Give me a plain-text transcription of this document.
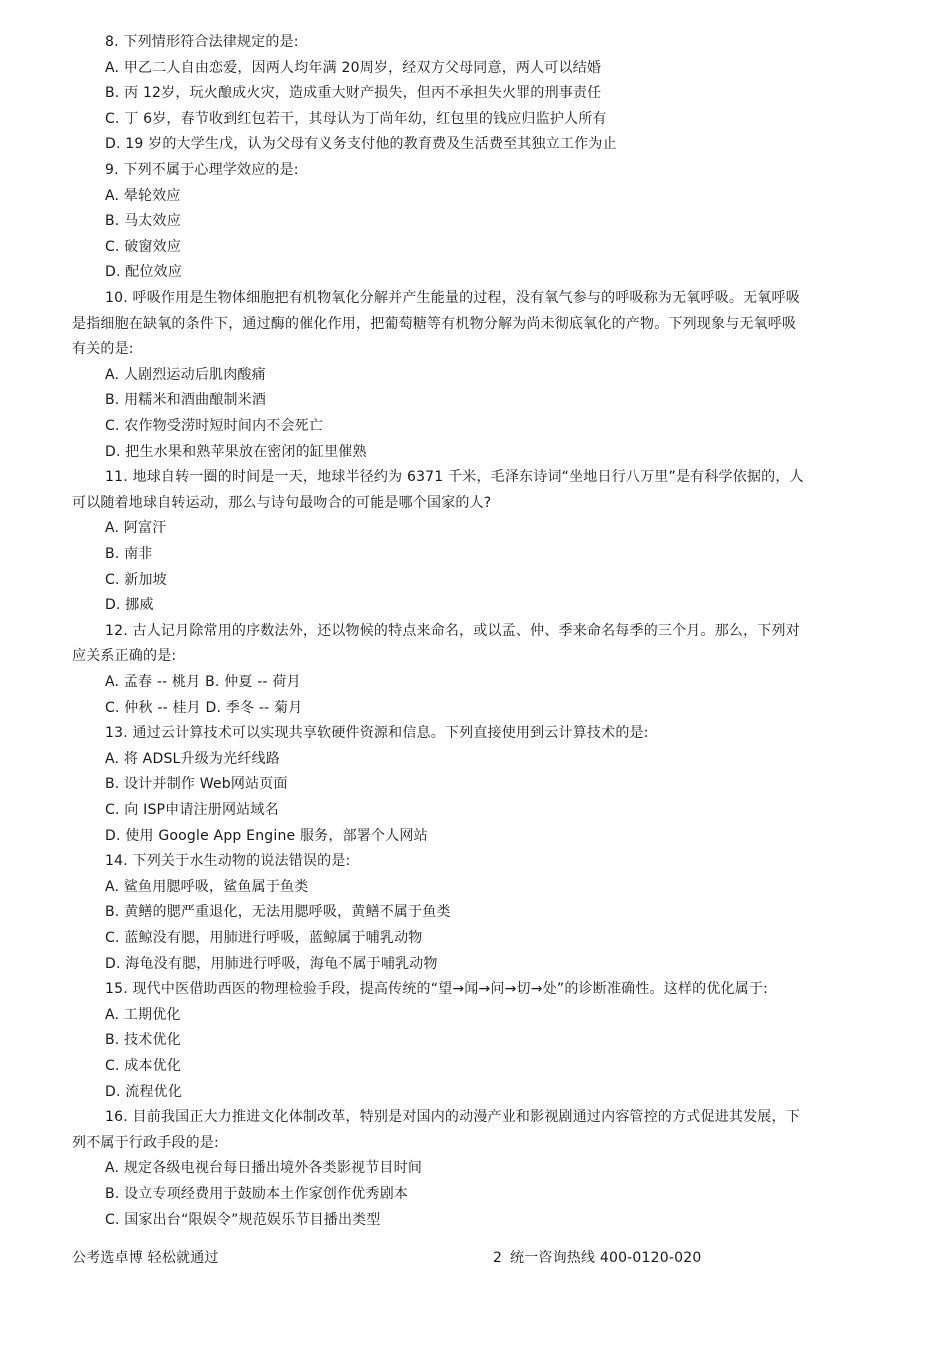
8. 下列情形符合法律规定的是:
A. 甲乙二人自由恋爱，因两人均年满 20周岁，经双方父母同意，两人可以结婚
B. 丙 12岁，玩火酿成火灾，造成重大财产损失，但丙不承担失火罪的刑事责任
C. 丁 6岁，春节收到红包若干，其母认为丁尚年幼，红包里的钱应归监护人所有
D. 19 岁的大学生戊，认为父母有义务支付他的教育费及生活费至其独立工作为止
9. 下列不属于心理学效应的是:
A. 晕轮效应
B. 马太效应
C. 破窗效应
D. 配位效应
10. 呼吸作用是生物体细胞把有机物氧化分解并产生能量的过程，没有氧气参与的呼吸称为无氧呼吸。无氧呼吸
是指细胞在缺氧的条件下，通过酶的催化作用，把葡萄糖等有机物分解为尚未彻底氧化的产物。下列现象与无氧呼吸
有关的是:
A. 人剧烈运动后肌肉酸痛
B. 用糯米和酒曲酿制米酒
C. 农作物受涝时短时间内不会死亡
D. 把生水果和熟苹果放在密闭的缸里催熟
11. 地球自转一圈的时间是一天，地球半径约为 6371 千米，毛泽东诗词“坐地日行八万里”是有科学依据的，人
可以随着地球自转运动，那么与诗句最吻合的可能是哪个国家的人?
A. 阿富汗
B. 南非
C. 新加坡
D. 挪威
12. 古人记月除常用的序数法外，还以物候的特点来命名，或以孟、仲、季来命名每季的三个月。那么，下列对
应关系正确的是:
A. 孟春 -- 桃月 B. 仲夏 -- 荷月
C. 仲秋 -- 桂月 D. 季冬 -- 菊月
13. 通过云计算技术可以实现共享软硬件资源和信息。下列直接使用到云计算技术的是:
A. 将 ADSL升级为光纤线路
B. 设计并制作 Web网站页面
C. 向 ISP申请注册网站域名
D. 使用 Google App Engine 服务，部署个人网站
14. 下列关于水生动物的说法错误的是:
A. 鲨鱼用腮呼吸，鲨鱼属于鱼类
B. 黄鳝的腮严重退化，无法用腮呼吸，黄鳝不属于鱼类
C. 蓝鲸没有腮，用肺进行呼吸，蓝鲸属于哺乳动物
D. 海龟没有腮，用肺进行呼吸，海龟不属于哺乳动物
15. 现代中医借助西医的物理检验手段，提高传统的“望→闻→问→切→处”的诊断准确性。这样的优化属于:
A. 工期优化
B. 技术优化
C. 成本优化
D. 流程优化
16. 目前我国正大力推进文化体制改革，特别是对国内的动漫产业和影视剧通过内容管控的方式促进其发展，下
列不属于行政手段的是:
A. 规定各级电视台每日播出境外各类影视节目时间
B. 设立专项经费用于鼓励本土作家创作优秀剧本
C. 国家出台“限娱令”规范娱乐节目播出类型
公考选卓博 轻松就通过	2 统一咨询热线 400-0120-020
